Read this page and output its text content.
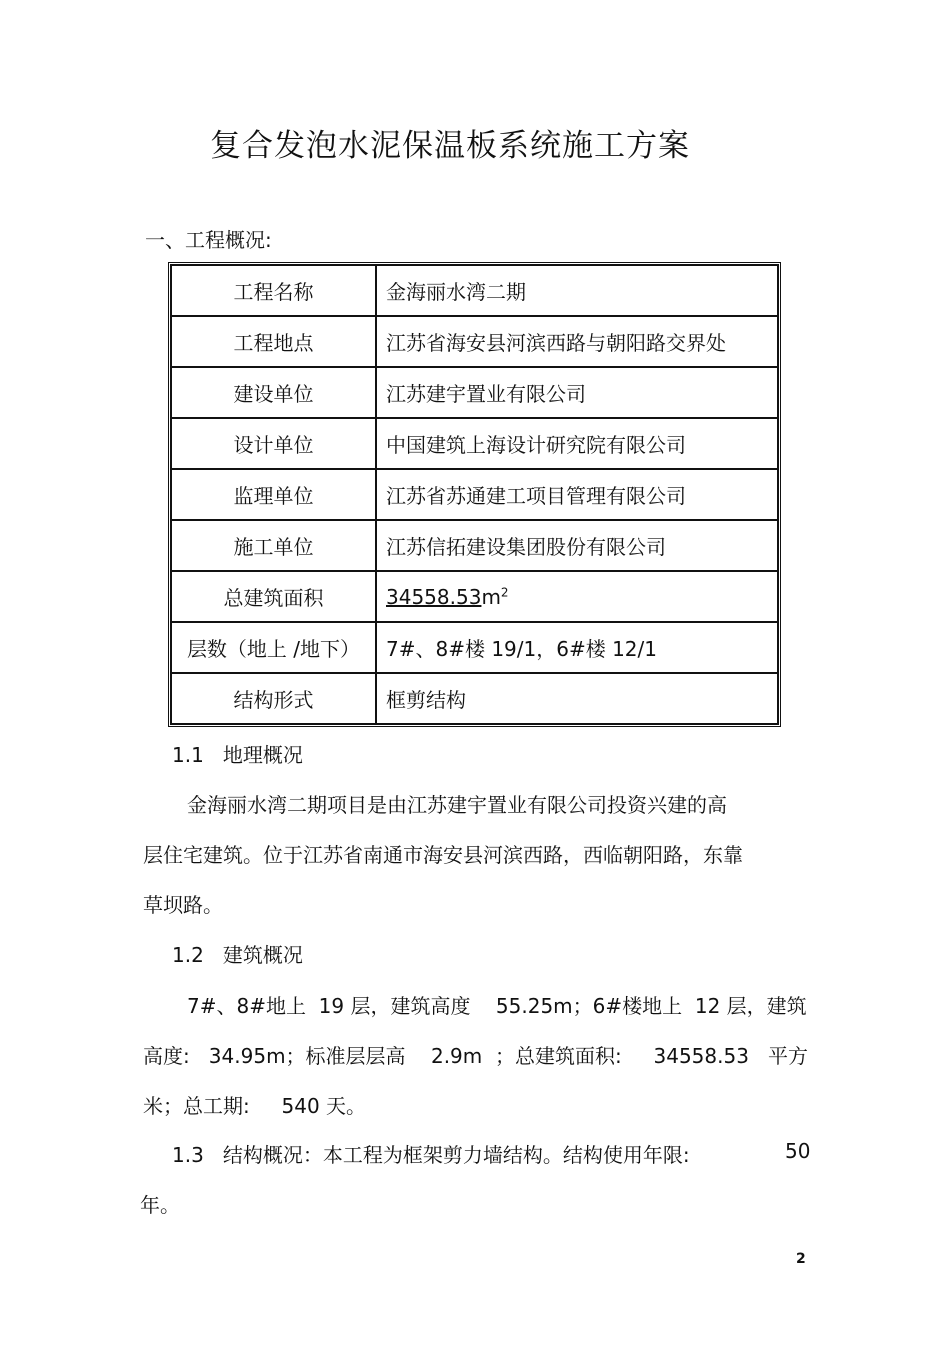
复合发泡水泥保温板系统施工方案
一、工程概况:
工程名称	金海丽水湾二期
工程地点	江苏省海安县河滨西路与朝阳路交界处
建设单位	江苏建宇置业有限公司
设计单位	中国建筑上海设计研究院有限公司
监理单位	江苏省苏通建工项目管理有限公司
施工单位	江苏信拓建设集团股份有限公司
总建筑面积	$34558.53m^2$
层数（地上 /地下）	7#、8#楼 19/1，6#楼 12/1
结构形式	框剪结构
1.1 地理概况
金海丽水湾二期项目是由江苏建宇置业有限公司投资兴建的高
层住宅建筑。位于江苏省南通市海安县河滨西路，西临朝阳路，东靠
草坝路。
1.2 建筑概况
7#、8#地上  19 层，建筑高度    55.25m；6#楼地上  12 层，建筑
高度:   34.95m；标准层层高    2.9m  ；总建筑面积:     34558.53   平方
米；总工期:     540 天。
1.3 结构概况：本工程为框架剪力墙结构。结构使用年限:	50
年。
2
